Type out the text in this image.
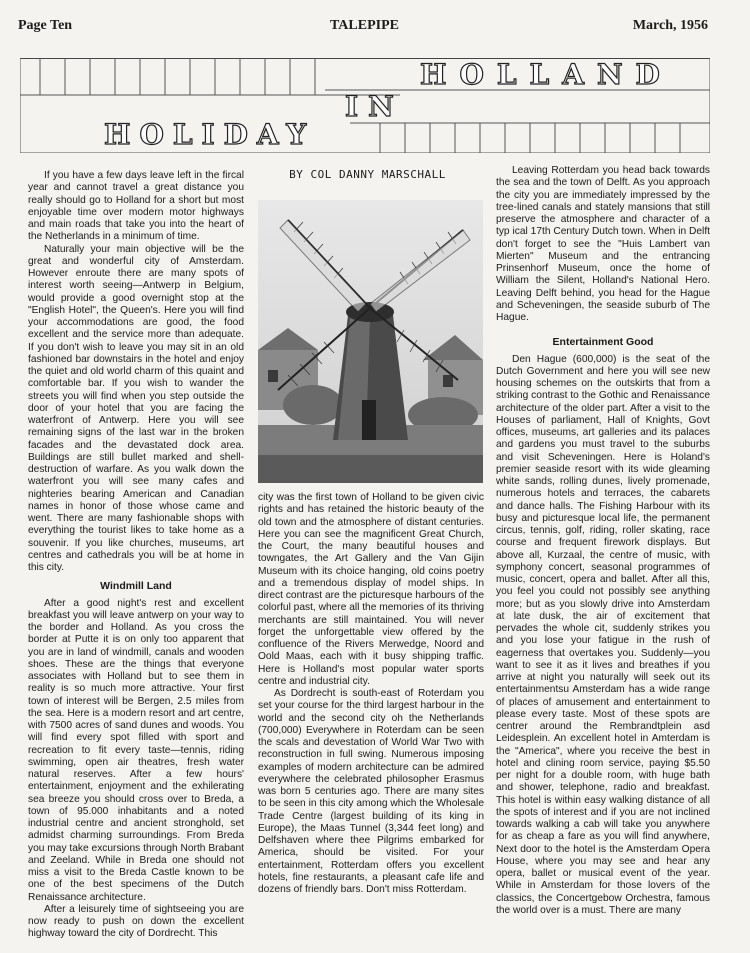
Page Ten	TALEPIPE	March, 1956
HOLLAND
IN
HOLIDAY

If you have a few days leave left in the fircal year and cannot travel a great distance you really should go to Holland for a short but most enjoyable time over modern motor highways and main roads that take you into the heart of the Netherlands in a minimum of time.

Naturally your main objective will be the great and wonderful city of Amsterdam. However enroute there are many spots of interest worth seeing—Antwerp in Belgium, would provide a good overnight stop at the "English Hotel", the Queen's. Here you will find your accommodations are good, the food excellent and the service more than adequate. If you don't wish to leave you may sit in an old fashioned bar downstairs in the hotel and enjoy the quiet and old world charm of this quaint and comfortable bar. If you wish to wander the streets you will find when you step outside the door of your hotel that you are facing the waterfront of Antwerp. Here you will see remaining signs of the last war in the broken facades and the devastated dock area. Buildings are still bullet marked and shell-destruction of warfare. As you walk down the waterfront you will see many cafes and nighteries bearing American and Canadian names in honor of those whose came and went. There are many fashionable shops with everything the tourist likes to take home as a souvenir. If you like churches, museums, art centres and cathedrals you will be at home in this city.

Windmill Land

After a good night's rest and excellent breakfast you will leave antwerp on your way to the border and Holland. As you cross the border at Putte it is on only too apparent that you are in land of windmill, canals and wooden shoes. These are the things that everyone associates with Holland but to see them in reality is so much more attractive. Your first town of interest will be Bergen, 2.5 miles from the sea. Here is a modern resort and art centre, with 7500 acres of sand dunes and woods. You will find every spot filled with sport and recreation to fit every taste—tennis, riding swimming, open air theatres, fresh water natural reserves. After a few hours' entertainment, enjoyment and the exhilerating sea breeze you should cross over to Breda, a town of 95.000 inhabitants and a noted industrial centre and ancient stronghold, set admidst charming surroundings. From Breda you may take excursions through North Brabant and Zeeland. While in Breda one should not miss a visit to the Breda Castle known to be one of the best specimens of the Dutch Renaissance architecture.

After a leisurely time of sightseeing you are now ready to push on down the excellent highway toward the city of Dordrecht. This

BY COL DANNY MARSCHALL

city was the first town of Holland to be given civic rights and has retained the historic beauty of the old town and the atmosphere of distant centuries. Here you can see the magnificent Great Church, the Court, the many beautiful houses and towngates, the Art Gallery and the Van Gijin Museum with its choice hanging, old coins poetry and a tremendous display of model ships. In direct contrast are the picturesque harbours of the colorful past, where all the memories of its thriving merchants are still maintained. You will never forget the unforgettable view offered by the confluence of the Rivers Merwedge, Noord and Oold Maas, each with it busy shipping traffic. Here is Holland's most popular water sports centre and industrial city.

As Dordrecht is south-east of Roterdam you set your course for the third largest harbour in the world and the second city oh the Netherlands (700,000) Everywhere in Roterdam can be seen the scals and devestation of World War Two with reconstruction in full swing. Numerous imposing examples of modern architecture can be admired everywhere the celebrated philosopher Erasmus was born 5 centuries ago. There are many sites to be seen in this city among which the Wholesale Trade Centre (largest building of its king in Europe), the Maas Tunnel (3,344 feet long) and Delfshaven where thee Pilgrims embarked for America, should be visited. For your entertainment, Rotterdam offers you excellent hotels, fine restaurants, a pleasant cafe life and dozens of friendly bars. Don't miss Rotterdam.

Leaving Rotterdam you head back towards the sea and the town of Delft. As you approach the city you are immediately impressed by the tree-lined canals and stately mansions that still preserve the atmosphere and character of a typ ical 17th Century Dutch town. When in Delft don't forget to see the "Huis Lambert van Mierten" Museum and the entrancing Prinsenhorf Museum, once the home of William the Silent, Holland's National Hero. Leaving Delft behind, you head for the Hague and Scheveningen, the seaside suburb of The Hague.

Entertainment Good

Den Hague (600,000) is the seat of the Dutch Government and here you will see new housing schemes on the outskirts that from a striking contrast to the Gothic and Renaissance architecture of the older part. After a visit to the Houses of parliament, Hall of Knights, Govt offices, museums, art galleries and its palaces and gardens you must travel to the suburbs and visit Scheveningen. Here is Holand's premier seaside resort with its wide gleaming white sands, rolling dunes, lively promenade, numerous hotels and terraces, the cabarets and dance halls. The Fishing Harbour with its busy and picturesque local life, the permanent circus, tennis, golf, riding, roller skating, race course and frequent firework displays. But above all, Kurzaal, the centre of music, with symphony concert, seasonal programmes of music, concert, opera and ballet. After all this, you feel you could not possibly see anything more; but as you slowly drive into Amsterdam at late dusk, the air of excitement that pervades the whole cit, suddenly strikes you and you lose your fatigue in the rush of eagerness that overtakes you. Suddenly—you want to see it as it lives and breathes if you arrive at night you naturally will seek out its entertainmentsu Amsterdam has a wide range of places of amusement and entertainment to please every taste. Most of these spots are centrer around the Rembrandtplein asd Leidesplein. An excellent hotel in Amterdam is the "America", where you receive the best in hotel and clining room service, paying $5.50 per night for a double room, with huge bath and shower, telephone, radio and breakfast. This hotel is within easy walking distance of all the spots of interest and if you are not inclined towards walking a cab will take you anywhere for as cheap a fare as you will find anywhere, Next door to the hotel is the Amsterdam Opera House, where you may see and hear any opera, ballet or musical event of the year. While in Amsterdam for those lovers of the classics, the Concertgebow Orchestra, famous the world over is a must. There are many
